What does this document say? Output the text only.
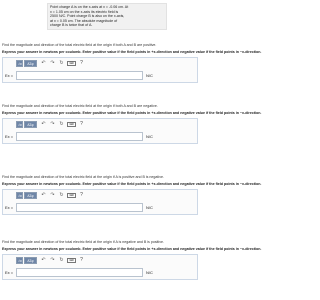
Point charge A is on the x-axis at x = -0.06 cm. At
x = 1.05 cm on the x-axis its electric field is
2500 N/C. Point charge B is also on the x-axis,
at x = 0.05 cm. The absolute magnitude of
charge B is twice that of A.
Find the magnitude and direction of the total electric field at the origin if both A and B are positive.
Express your answer in newtons per coulomb. Enter positive value if the field points in +x-direction and negative value if the field points in −x-direction.
√α	AΣφ	↶ ↷ ↻	⌨	?
Ex =	N/C
Find the magnitude and direction of the total electric field at the origin if both A and B are negative.
Express your answer in newtons per coulomb. Enter positive value if the field points in +x-direction and negative value if the field points in −x-direction.
√α	AΣφ	↶ ↷ ↻	⌨	?
Ex =	N/C
Find the magnitude and direction of the total electric field at the origin if A is positive and B is negative.
Express your answer in newtons per coulomb. Enter positive value if the field points in +x-direction and negative value if the field points in −x-direction.
√α	AΣφ	↶ ↷ ↻	⌨	?
Ex =	N/C
Find the magnitude and direction of the total electric field at the origin if A is negative and B is positive.
Express your answer in newtons per coulomb. Enter positive value if the field points in +x-direction and negative value if the field points in −x-direction.
√α	AΣφ	↶ ↷ ↻	⌨	?
Ex =	N/C
